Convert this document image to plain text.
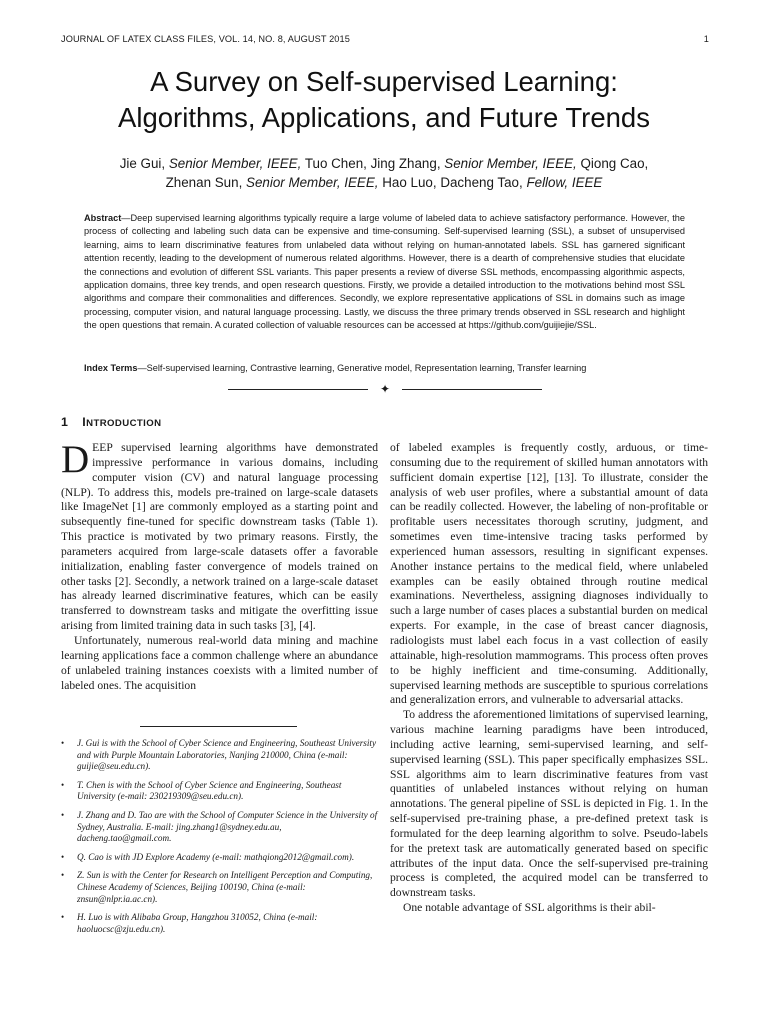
JOURNAL OF LATEX CLASS FILES, VOL. 14, NO. 8, AUGUST 2015	1
A Survey on Self-supervised Learning:
Algorithms, Applications, and Future Trends
Jie Gui, Senior Member, IEEE, Tuo Chen, Jing Zhang, Senior Member, IEEE, Qiong Cao,
Zhenan Sun, Senior Member, IEEE, Hao Luo, Dacheng Tao, Fellow, IEEE
Abstract—Deep supervised learning algorithms typically require a large volume of labeled data to achieve satisfactory performance. However, the process of collecting and labeling such data can be expensive and time-consuming. Self-supervised learning (SSL), a subset of unsupervised learning, aims to learn discriminative features from unlabeled data without relying on human-annotated labels. SSL has garnered significant attention recently, leading to the development of numerous related algorithms. However, there is a dearth of comprehensive studies that elucidate the connections and evolution of different SSL variants. This paper presents a review of diverse SSL methods, encompassing algorithmic aspects, application domains, three key trends, and open research questions. Firstly, we provide a detailed introduction to the motivations behind most SSL algorithms and compare their commonalities and differences. Secondly, we explore representative applications of SSL in domains such as image processing, computer vision, and natural language processing. Lastly, we discuss the three primary trends observed in SSL research and highlight the open questions that remain. A curated collection of valuable resources can be accessed at https://github.com/guijiejie/SSL.
Index Terms—Self-supervised learning, Contrastive learning, Generative model, Representation learning, Transfer learning
✦
1 INTRODUCTION

DEEP supervised learning algorithms have demonstrated impressive performance in various domains, including computer vision (CV) and natural language processing (NLP). To address this, models pre-trained on large-scale datasets like ImageNet [1] are commonly employed as a starting point and subsequently fine-tuned for specific downstream tasks (Table 1). This practice is motivated by two primary reasons. Firstly, the parameters acquired from large-scale datasets offer a favorable initialization, enabling faster convergence of models trained on other tasks [2]. Secondly, a network trained on a large-scale dataset has already learned discriminative features, which can be easily transferred to downstream tasks and mitigate the overfitting issue arising from limited training data in such tasks [3], [4].

Unfortunately, numerous real-world data mining and machine learning applications face a common challenge where an abundance of unlabeled training instances coexists with a limited number of labeled ones. The acquisition

• J. Gui is with the School of Cyber Science and Engineering, Southeast University and with Purple Mountain Laboratories, Nanjing 210000, China (e-mail: guijie@seu.edu.cn).
• T. Chen is with the School of Cyber Science and Engineering, Southeast University (e-mail: 230219309@seu.edu.cn).
• J. Zhang and D. Tao are with the School of Computer Science in the University of Sydney, Australia. E-mail: jing.zhang1@sydney.edu.au, dacheng.tao@gmail.com.
• Q. Cao is with JD Explore Academy (e-mail: mathqiong2012@gmail.com).
• Z. Sun is with the Center for Research on Intelligent Perception and Computing, Chinese Academy of Sciences, Beijing 100190, China (e-mail: znsun@nlpr.ia.ac.cn).
• H. Luo is with Alibaba Group, Hangzhou 310052, China (e-mail: haoluocsc@zju.edu.cn).

of labeled examples is frequently costly, arduous, or time-consuming due to the requirement of skilled human annotators with sufficient domain expertise [12], [13]. To illustrate, consider the analysis of web user profiles, where a substantial amount of data can be readily collected. However, the labeling of non-profitable or profitable users necessitates thorough scrutiny, judgment, and sometimes even time-intensive tracing tasks performed by experienced human assessors, resulting in significant expenses. Another instance pertains to the medical field, where unlabeled examples can be easily obtained through routine medical examinations. Nevertheless, assigning diagnoses individually to such a large number of cases places a substantial burden on medical experts. For example, in the case of breast cancer diagnosis, radiologists must label each focus in a vast collection of easily attainable, high-resolution mammograms. This process often proves to be highly inefficient and time-consuming. Additionally, supervised learning methods are susceptible to spurious correlations and generalization errors, and vulnerable to adversarial attacks.

To address the aforementioned limitations of supervised learning, various machine learning paradigms have been introduced, including active learning, semi-supervised learning, and self-supervised learning (SSL). This paper specifically emphasizes SSL. SSL algorithms aim to learn discriminative features from vast quantities of unlabeled instances without relying on human annotations. The general pipeline of SSL is depicted in Fig. 1. In the self-supervised pre-training phase, a pre-defined pretext task is formulated for the deep learning algorithm to solve. Pseudo-labels for the pretext task are automatically generated based on specific attributes of the input data. Once the self-supervised pre-training process is completed, the acquired model can be transferred to downstream tasks.

One notable advantage of SSL algorithms is their abil-
